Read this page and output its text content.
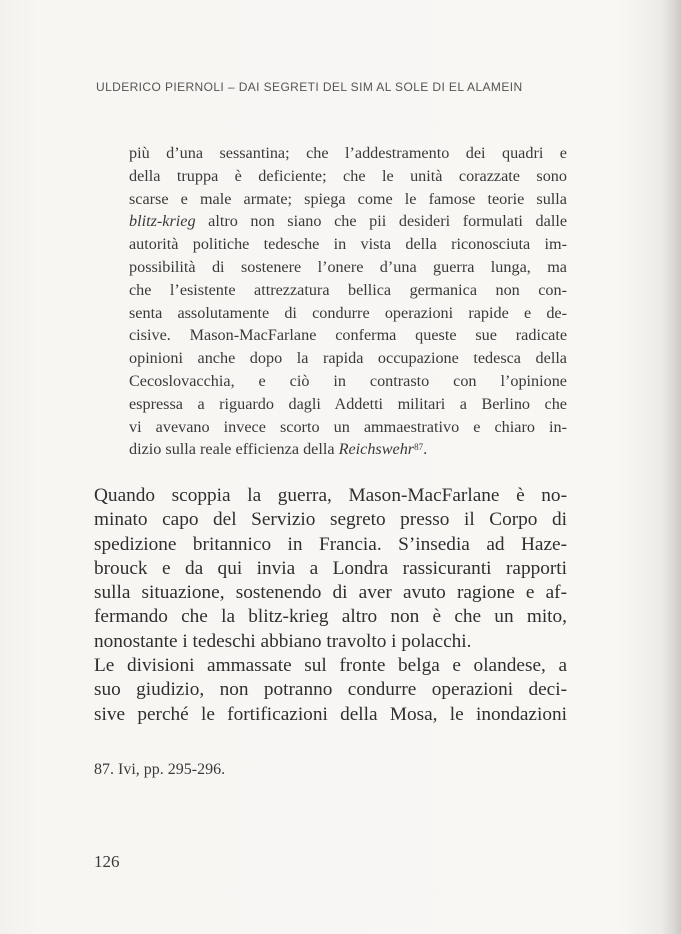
ULDERICO PIERNOLI – DAI SEGRETI DEL SIM AL SOLE DI EL ALAMEIN
più d’una sessantina; che l’addestramento dei quadri e
della truppa è deficiente; che le unità corazzate sono
scarse e male armate; spiega come le famose teorie sulla
blitz-krieg altro non siano che pii desideri formulati dalle
autorità politiche tedesche in vista della riconosciuta im-
possibilità di sostenere l’onere d’una guerra lunga, ma
che l’esistente attrezzatura bellica germanica non con-
senta assolutamente di condurre operazioni rapide e de-
cisive. Mason-MacFarlane conferma queste sue radicate
opinioni anche dopo la rapida occupazione tedesca della
Cecoslovacchia, e ciò in contrasto con l’opinione
espressa a riguardo dagli Addetti militari a Berlino che
vi avevano invece scorto un ammaestrativo e chiaro in-
dizio sulla reale efficienza della Reichswehr$^{87}$.
Quando scoppia la guerra, Mason-MacFarlane è no-
minato capo del Servizio segreto presso il Corpo di
spedizione britannico in Francia. S’insedia ad Haze-
brouck e da qui invia a Londra rassicuranti rapporti
sulla situazione, sostenendo di aver avuto ragione e af-
fermando che la blitz-krieg altro non è che un mito,
nonostante i tedeschi abbiano travolto i polacchi.
Le divisioni ammassate sul fronte belga e olandese, a
suo giudizio, non potranno condurre operazioni deci-
sive perché le fortificazioni della Mosa, le inondazioni
87. Ivi, pp. 295-296.
126
